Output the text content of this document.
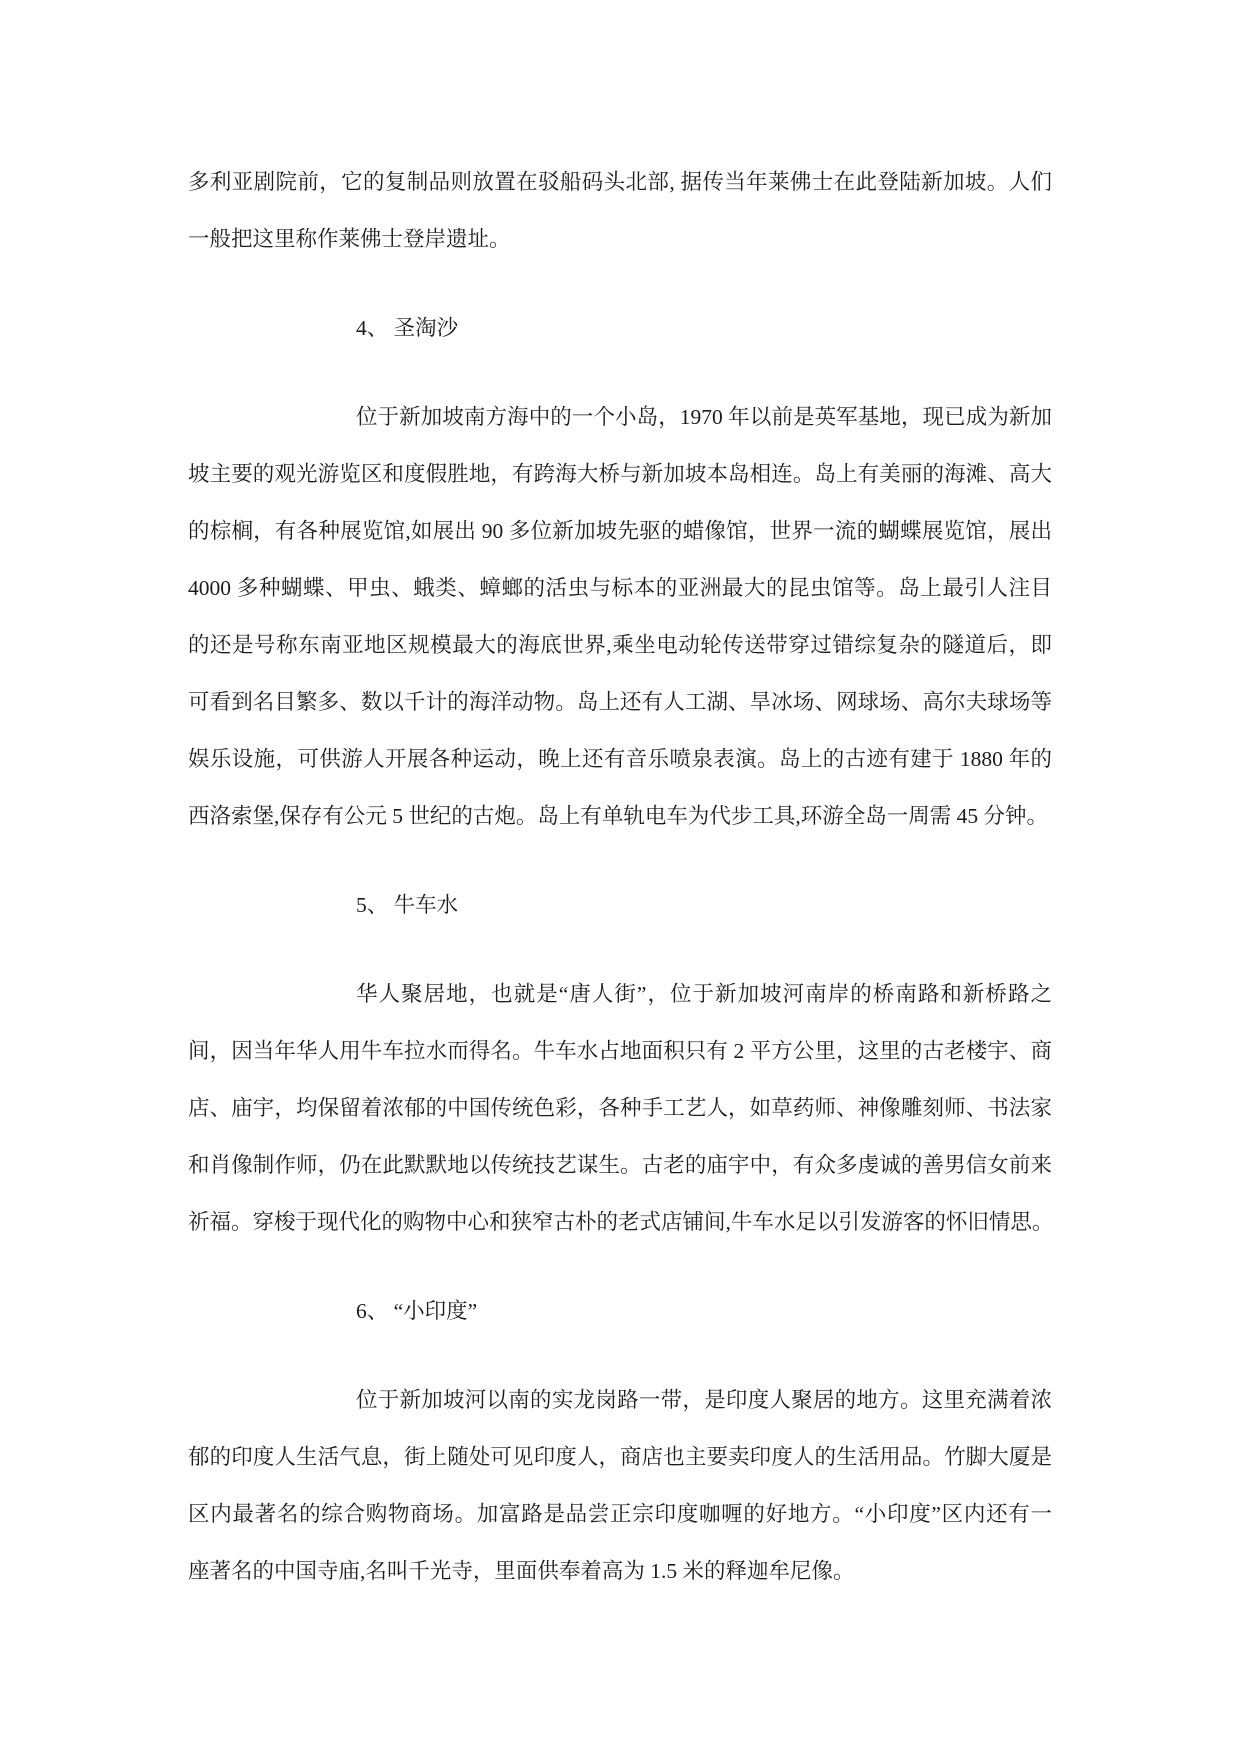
多利亚剧院前，它的复制品则放置在驳船码头北部, 据传当年莱佛士在此登陆新加坡。人们
一般把这里称作莱佛士登岸遗址。
4、 圣淘沙
位于新加坡南方海中的一个小岛，1970 年以前是英军基地，现已成为新加
坡主要的观光游览区和度假胜地，有跨海大桥与新加坡本岛相连。岛上有美丽的海滩、高大
的棕榈，有各种展览馆,如展出 90 多位新加坡先驱的蜡像馆，世界一流的蝴蝶展览馆，展出
4000 多种蝴蝶、甲虫、蛾类、蟑螂的活虫与标本的亚洲最大的昆虫馆等。岛上最引人注目
的还是号称东南亚地区规模最大的海底世界,乘坐电动轮传送带穿过错综复杂的隧道后，即
可看到名目繁多、数以千计的海洋动物。岛上还有人工湖、旱冰场、网球场、高尔夫球场等
娱乐设施，可供游人开展各种运动，晚上还有音乐喷泉表演。岛上的古迹有建于 1880 年的
西洛索堡,保存有公元 5 世纪的古炮。岛上有单轨电车为代步工具,环游全岛一周需 45 分钟。
5、 牛车水
华人聚居地，也就是“唐人街”，位于新加坡河南岸的桥南路和新桥路之
间，因当年华人用牛车拉水而得名。牛车水占地面积只有 2 平方公里，这里的古老楼宇、商
店、庙宇，均保留着浓郁的中国传统色彩，各种手工艺人，如草药师、神像雕刻师、书法家
和肖像制作师，仍在此默默地以传统技艺谋生。古老的庙宇中，有众多虔诚的善男信女前来
祈福。穿梭于现代化的购物中心和狭窄古朴的老式店铺间,牛车水足以引发游客的怀旧情思。
6、 “小印度”
位于新加坡河以南的实龙岗路一带，是印度人聚居的地方。这里充满着浓
郁的印度人生活气息，街上随处可见印度人，商店也主要卖印度人的生活用品。竹脚大厦是
区内最著名的综合购物商场。加富路是品尝正宗印度咖喱的好地方。“小印度”区内还有一
座著名的中国寺庙,名叫千光寺，里面供奉着高为 1.5 米的释迦牟尼像。
